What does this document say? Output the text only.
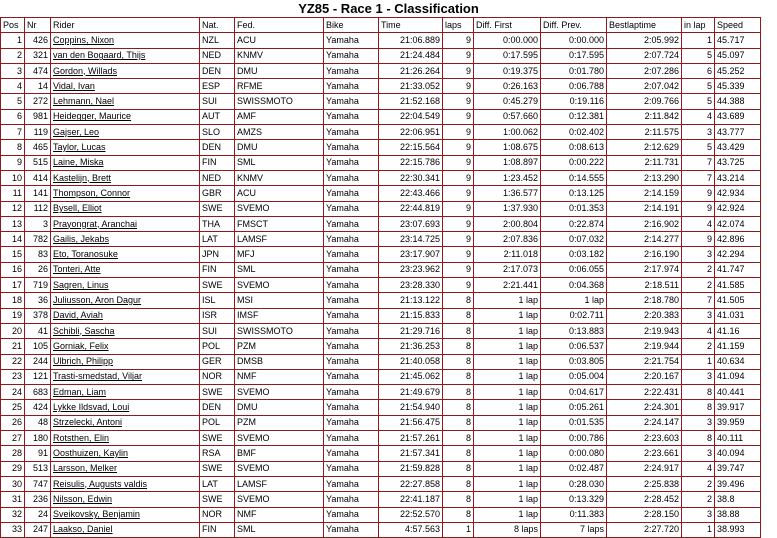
YZ85 - Race 1 - Classification
Pos	Nr	Rider	Nat.	Fed.	Bike	Time	laps	Diff. First	Diff. Prev.	Bestlaptime	in lap	Speed
1	426	Coppins, Nixon	NZL	ACU	Yamaha	21:06.889	9	0:00.000	0:00.000	2:05.992	1	45.717
2	321	van den Bogaard, Thijs	NED	KNMV	Yamaha	21:24.484	9	0:17.595	0:17.595	2:07.724	5	45.097
3	474	Gordon, Willads	DEN	DMU	Yamaha	21:26.264	9	0:19.375	0:01.780	2:07.286	6	45.252
4	14	Vidal, Ivan	ESP	RFME	Yamaha	21:33.052	9	0:26.163	0:06.788	2:07.042	5	45.339
5	272	Lehmann, Nael	SUI	SWISSMOTO	Yamaha	21:52.168	9	0:45.279	0:19.116	2:09.766	5	44.388
6	981	Heidegger, Maurice	AUT	AMF	Yamaha	22:04.549	9	0:57.660	0:12.381	2:11.842	4	43.689
7	119	Gajser, Leo	SLO	AMZS	Yamaha	22:06.951	9	1:00.062	0:02.402	2:11.575	3	43.777
8	465	Taylor, Lucas	DEN	DMU	Yamaha	22:15.564	9	1:08.675	0:08.613	2:12.629	5	43.429
9	515	Laine, Miska	FIN	SML	Yamaha	22:15.786	9	1:08.897	0:00.222	2:11.731	7	43.725
10	414	Kastelijn, Brett	NED	KNMV	Yamaha	22:30.341	9	1:23.452	0:14.555	2:13.290	7	43.214
11	141	Thompson, Connor	GBR	ACU	Yamaha	22:43.466	9	1:36.577	0:13.125	2:14.159	9	42.934
12	112	Bysell, Elliot	SWE	SVEMO	Yamaha	22:44.819	9	1:37.930	0:01.353	2:14.191	9	42.924
13	3	Prayongrat, Aranchai	THA	FMSCT	Yamaha	23:07.693	9	2:00.804	0:22.874	2:16.902	4	42.074
14	782	Gailis, Jekabs	LAT	LAMSF	Yamaha	23:14.725	9	2:07.836	0:07.032	2:14.277	9	42.896
15	83	Eto, Toranosuke	JPN	MFJ	Yamaha	23:17.907	9	2:11.018	0:03.182	2:16.190	3	42.294
16	26	Tonteri, Atte	FIN	SML	Yamaha	23:23.962	9	2:17.073	0:06.055	2:17.974	2	41.747
17	719	Sagren, Linus	SWE	SVEMO	Yamaha	23:28.330	9	2:21.441	0:04.368	2:18.511	2	41.585
18	36	Juliusson, Aron Dagur	ISL	MSI	Yamaha	21:13.122	8	1 lap	1 lap	2:18.780	7	41.505
19	378	David, Aviah	ISR	IMSF	Yamaha	21:15.833	8	1 lap	0:02.711	2:20.383	3	41.031
20	41	Schibli, Sascha	SUI	SWISSMOTO	Yamaha	21:29.716	8	1 lap	0:13.883	2:19.943	4	41.16
21	105	Gorniak, Felix	POL	PZM	Yamaha	21:36.253	8	1 lap	0:06.537	2:19.944	2	41.159
22	244	Ulbrich, Philipp	GER	DMSB	Yamaha	21:40.058	8	1 lap	0:03.805	2:21.754	1	40.634
23	121	Trasti-smedstad, Viljar	NOR	NMF	Yamaha	21:45.062	8	1 lap	0:05.004	2:20.167	3	41.094
24	683	Edman, Liam	SWE	SVEMO	Yamaha	21:49.679	8	1 lap	0:04.617	2:22.431	8	40.441
25	424	Lykke Ildsvad, Loui	DEN	DMU	Yamaha	21:54.940	8	1 lap	0:05.261	2:24.301	8	39.917
26	48	Strzelecki, Antoni	POL	PZM	Yamaha	21:56.475	8	1 lap	0:01.535	2:24.147	3	39.959
27	180	Rotsthen, Elin	SWE	SVEMO	Yamaha	21:57.261	8	1 lap	0:00.786	2:23.603	8	40.111
28	91	Oosthuizen, Kaylin	RSA	BMF	Yamaha	21:57.341	8	1 lap	0:00.080	2:23.661	3	40.094
29	513	Larsson, Melker	SWE	SVEMO	Yamaha	21:59.828	8	1 lap	0:02.487	2:24.917	4	39.747
30	747	Reisulis, Augusts valdis	LAT	LAMSF	Yamaha	22:27.858	8	1 lap	0:28.030	2:25.838	2	39.496
31	236	Nilsson, Edwin	SWE	SVEMO	Yamaha	22:41.187	8	1 lap	0:13.329	2:28.452	2	38.8
32	24	Sveikovsky, Benjamin	NOR	NMF	Yamaha	22:52.570	8	1 lap	0:11.383	2:28.150	3	38.88
33	247	Laakso, Daniel	FIN	SML	Yamaha	4:57.563	1	8 laps	7 laps	2:27.720	1	38.993
